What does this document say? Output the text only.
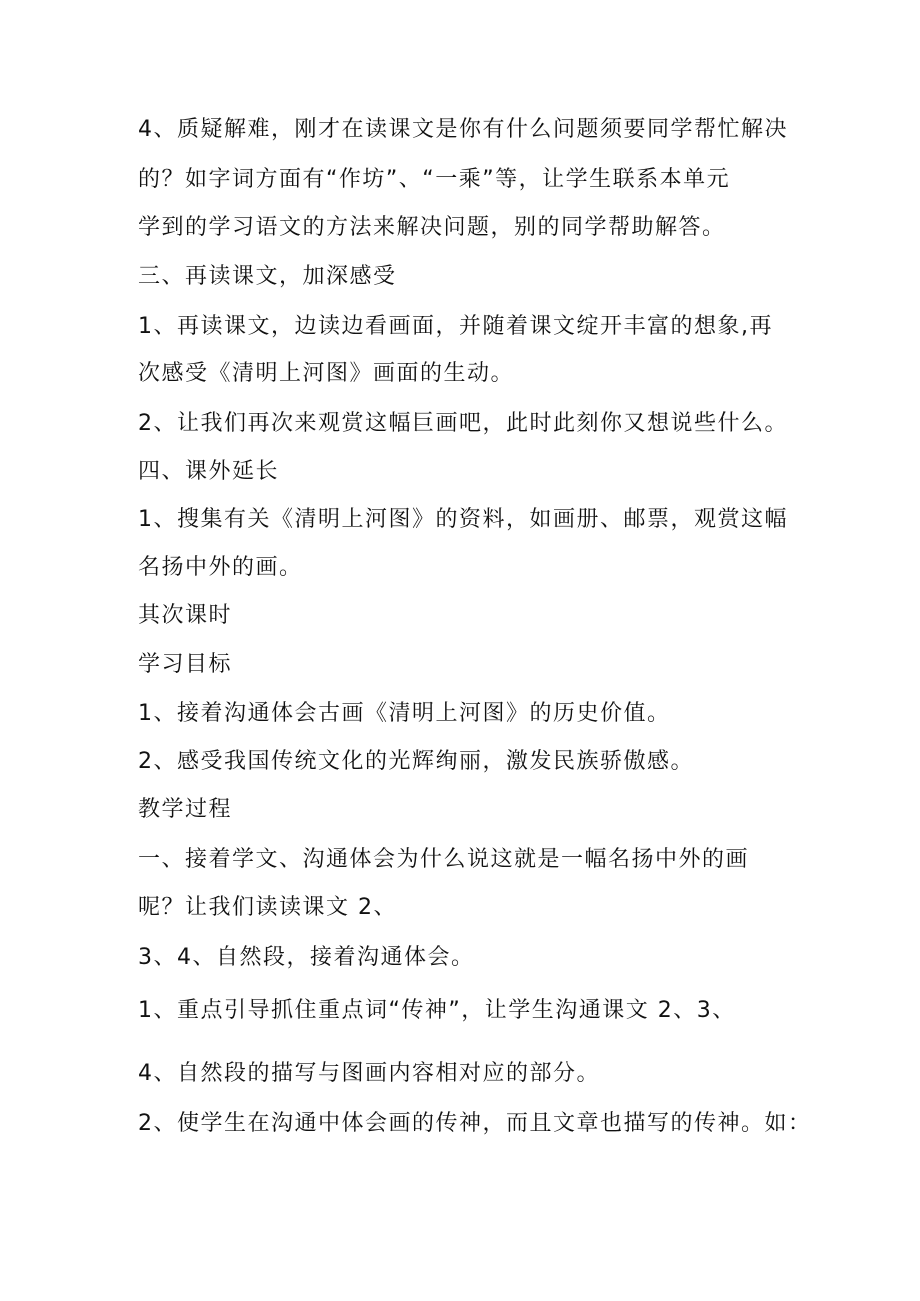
4、质疑解难，刚才在读课文是你有什么问题须要同学帮忙解决

的？如字词方面有“作坊”、“一乘”等，让学生联系本单元

学到的学习语文的方法来解决问题，别的同学帮助解答。

三、再读课文，加深感受

1、再读课文，边读边看画面，并随着课文绽开丰富的想象,再

次感受《清明上河图》画面的生动。

2、让我们再次来观赏这幅巨画吧，此时此刻你又想说些什么。

四、课外延长

1、搜集有关《清明上河图》的资料，如画册、邮票，观赏这幅

名扬中外的画。

其次课时

学习目标

1、接着沟通体会古画《清明上河图》的历史价值。

2、感受我国传统文化的光辉绚丽，激发民族骄傲感。

教学过程

一、接着学文、沟通体会为什么说这就是一幅名扬中外的画

呢？让我们读读课文 2、

3、4、自然段，接着沟通体会。

1、重点引导抓住重点词“传神”，让学生沟通课文 2、3、

4、自然段的描写与图画内容相对应的部分。

2、使学生在沟通中体会画的传神，而且文章也描写的传神。如：
